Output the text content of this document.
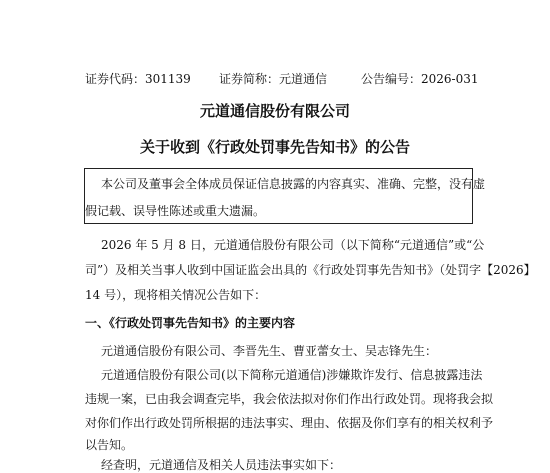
证券代码：301139 证券简称：元道通信	公告编号：2026-031
元道通信股份有限公司
关于收到《行政处罚事先告知书》的公告
本公司及董事会全体成员保证信息披露的内容真实、准确、完整，没有虚
假记载、误导性陈述或重大遗漏。
2026 年 5 月 8 日，元道通信股份有限公司（以下简称“元道通信”或“公
司”）及相关当事人收到中国证监会出具的《行政处罚事先告知书》（处罚字【2026】
14 号），现将相关情况公告如下：
一、《行政处罚事先告知书》的主要内容
元道通信股份有限公司、李晋先生、曹亚蕾女士、吴志锋先生：
元道通信股份有限公司(以下简称元道通信)涉嫌欺诈发行、信息披露违法
违规一案，已由我会调查完毕，我会依法拟对你们作出行政处罚。现将我会拟
对你们作出行政处罚所根据的违法事实、理由、依据及你们享有的相关权利予
以告知。
经查明，元道通信及相关人员违法事实如下：
